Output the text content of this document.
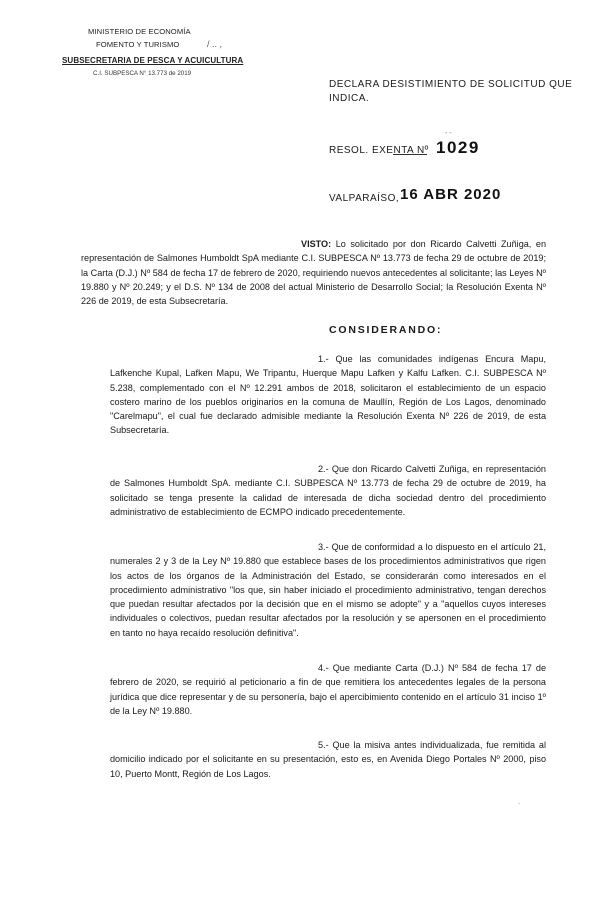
MINISTERIO DE ECONOMÍA
FOMENTO Y TURISMO	/ .. ,
SUBSECRETARIA DE PESCA Y ACUICULTURA
C.I. SUBPESCA N° 13.773 de 2019
DECLARA DESISTIMIENTO DE SOLICITUD QUE
INDICA.
RESOL. EXENTA Nº 1029
- -
VALPARAÍSO, 16 ABR 2020
VISTO: Lo solicitado por don Ricardo Calvetti Zuñiga, en representación de Salmones Humboldt SpA mediante C.I. SUBPESCA Nº 13.773 de fecha 29 de octubre de 2019; la Carta (D.J.) Nº 584 de fecha 17 de febrero de 2020, requiriendo nuevos antecedentes al solicitante; las Leyes Nº 19.880 y Nº 20.249; y el D.S. Nº 134 de 2008 del actual Ministerio de Desarrollo Social; la Resolución Exenta Nº 226 de 2019, de esta Subsecretaría.
CONSIDERANDO:
1.- Que las comunidades indígenas Encura Mapu, Lafkenche Kupal, Lafken Mapu, We Tripantu, Huerque Mapu Lafken y Kalfu Lafken. C.I. SUBPESCA Nº 5.238, complementado con el Nº 12.291 ambos de 2018, solicitaron el establecimiento de un espacio costero marino de los pueblos originarios en la comuna de Maullín, Región de Los Lagos, denominado "Carelmapu", el cual fue declarado admisible mediante la Resolución Exenta Nº 226 de 2019, de esta Subsecretaría.
2.- Que don Ricardo Calvetti Zuñiga, en representación de Salmones Humboldt SpA. mediante C.I. SUBPESCA Nº 13.773 de fecha 29 de octubre de 2019, ha solicitado se tenga presente la calidad de interesada de dicha sociedad dentro del procedimiento administrativo de establecimiento de ECMPO indicado precedentemente.
3.- Que de conformidad a lo dispuesto en el artículo 21, numerales 2 y 3 de la Ley Nº 19.880 que establece bases de los procedimientos administrativos que rigen los actos de los órganos de la Administración del Estado, se considerarán como interesados en el procedimiento administrativo "los que, sin haber iniciado el procedimiento administrativo, tengan derechos que puedan resultar afectados por la decisión que en el mismo se adopte" y a "aquellos cuyos intereses individuales o colectivos, puedan resultar afectados por la resolución y se apersonen en el procedimiento en tanto no haya recaído resolución definitiva".
4.- Que mediante Carta (D.J.) Nº 584 de fecha 17 de febrero de 2020, se requirió al peticionario a fin de que remitiera los antecedentes legales de la persona jurídica que dice representar y de su personería, bajo el apercibimiento contenido en el artículo 31 inciso 1º de la Ley Nº 19.880.
5.- Que la misiva antes individualizada, fue remitida al domicilio indicado por el solicitante en su presentación, esto es, en Avenida Diego Portales Nº 2000, piso 10, Puerto Montt, Región de Los Lagos.
.
